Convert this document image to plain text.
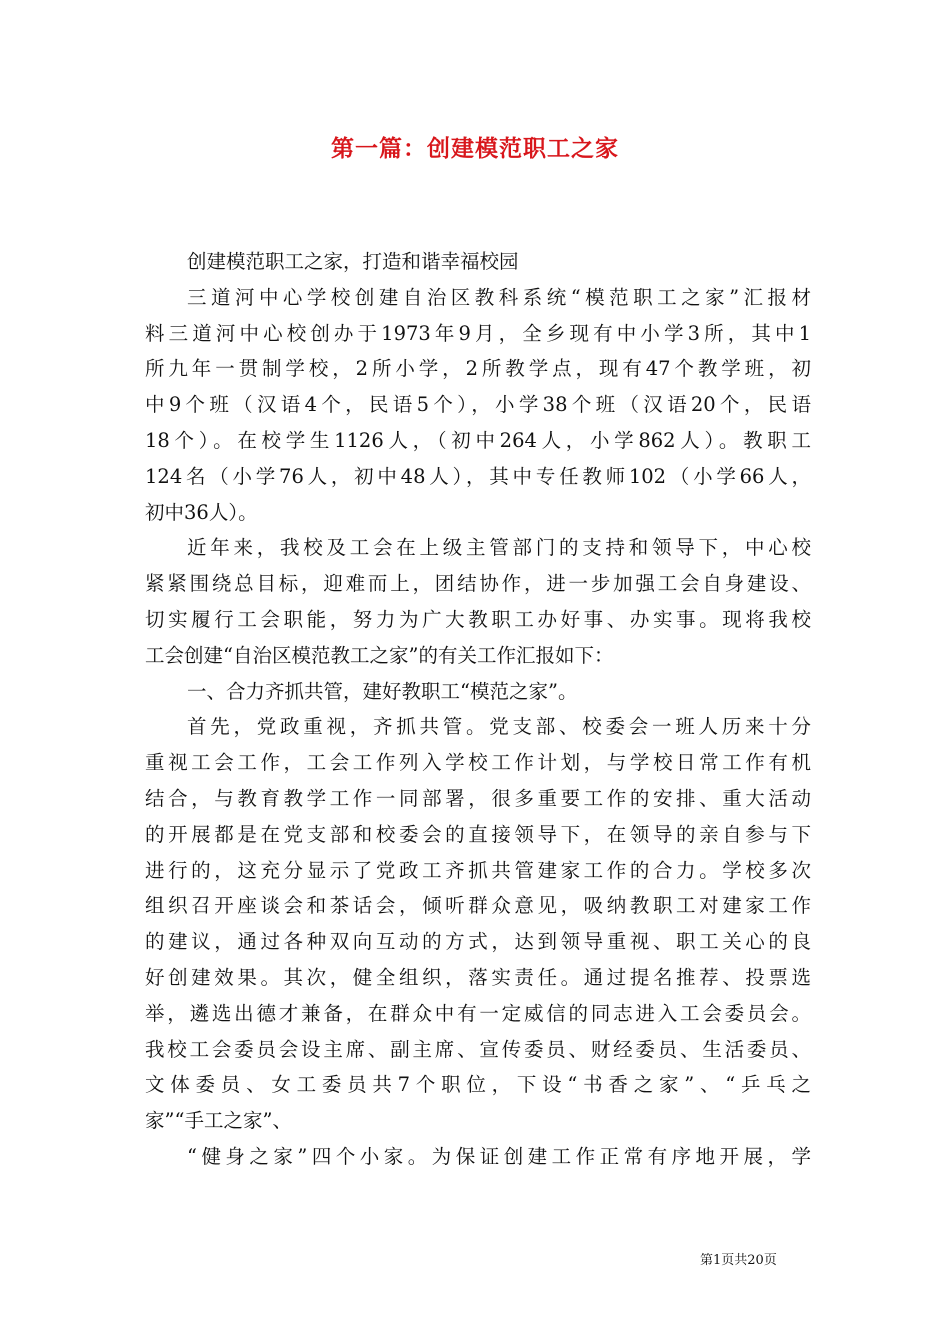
第一篇：创建模范职工之家
创建模范职工之家，打造和谐幸福校园
三道河中心学校创建自治区教科系统“模范职工之家”汇报材
料三道河中心校创办于1973年9月，全乡现有中小学3所，其中1
所九年一贯制学校，2所小学，2所教学点，现有47个教学班，初
中9个班（汉语4个，民语5个），小学38个班（汉语20个，民语
18个）。在校学生1126人，（初中264人，小学862人）。教职工
124名（小学76人，初中48人），其中专任教师102（小学66人，
初中36人）。
近年来，我校及工会在上级主管部门的支持和领导下，中心校
紧紧围绕总目标，迎难而上，团结协作，进一步加强工会自身建设、
切实履行工会职能，努力为广大教职工办好事、办实事。现将我校
工会创建“自治区模范教工之家”的有关工作汇报如下：
一、合力齐抓共管，建好教职工“模范之家”。
首先，党政重视，齐抓共管。党支部、校委会一班人历来十分
重视工会工作，工会工作列入学校工作计划，与学校日常工作有机
结合，与教育教学工作一同部署，很多重要工作的安排、重大活动
的开展都是在党支部和校委会的直接领导下，在领导的亲自参与下
进行的，这充分显示了党政工齐抓共管建家工作的合力。学校多次
组织召开座谈会和茶话会，倾听群众意见，吸纳教职工对建家工作
的建议，通过各种双向互动的方式，达到领导重视、职工关心的良
好创建效果。其次，健全组织，落实责任。通过提名推荐、投票选
举，遴选出德才兼备，在群众中有一定威信的同志进入工会委员会。
我校工会委员会设主席、副主席、宣传委员、财经委员、生活委员、
文体委员、女工委员共7个职位，下设“书香之家”、“乒乓之
家”“手工之家”、
“健身之家”四个小家。为保证创建工作正常有序地开展，学
第1页共20页
